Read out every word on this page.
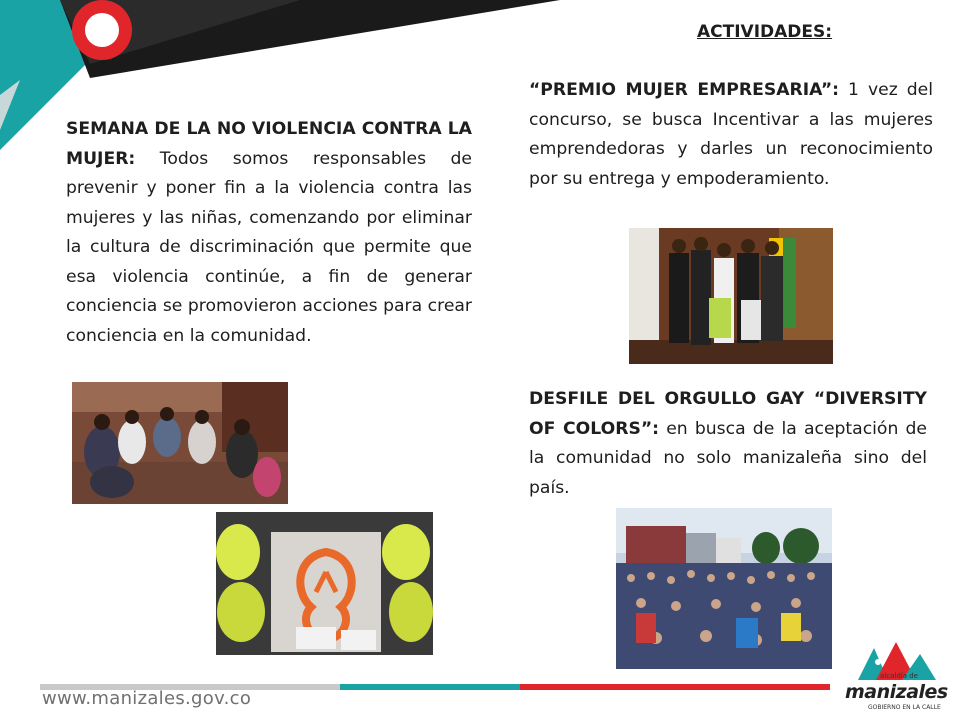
ACTIVIDADES:

SEMANA DE LA NO VIOLENCIA CONTRA LA MUJER: Todos somos responsables de prevenir y poner fin a la violencia contra las mujeres y las niñas, comenzando por eliminar la cultura de discriminación que permite que esa violencia continúe, a fin de generar conciencia se promovieron acciones para crear conciencia en la comunidad.

“PREMIO MUJER EMPRESARIA”: 1 vez del concurso, se busca Incentivar a las mujeres emprendedoras y darles un reconocimiento por su entrega y empoderamiento.

DESFILE DEL ORGULLO GAY “DIVERSITY OF COLORS”: en busca de la aceptación de la comunidad no solo manizaleña sino del país.

www.manizales.gov.co
alcaldía de
manizales
GOBIERNO EN LA CALLE
